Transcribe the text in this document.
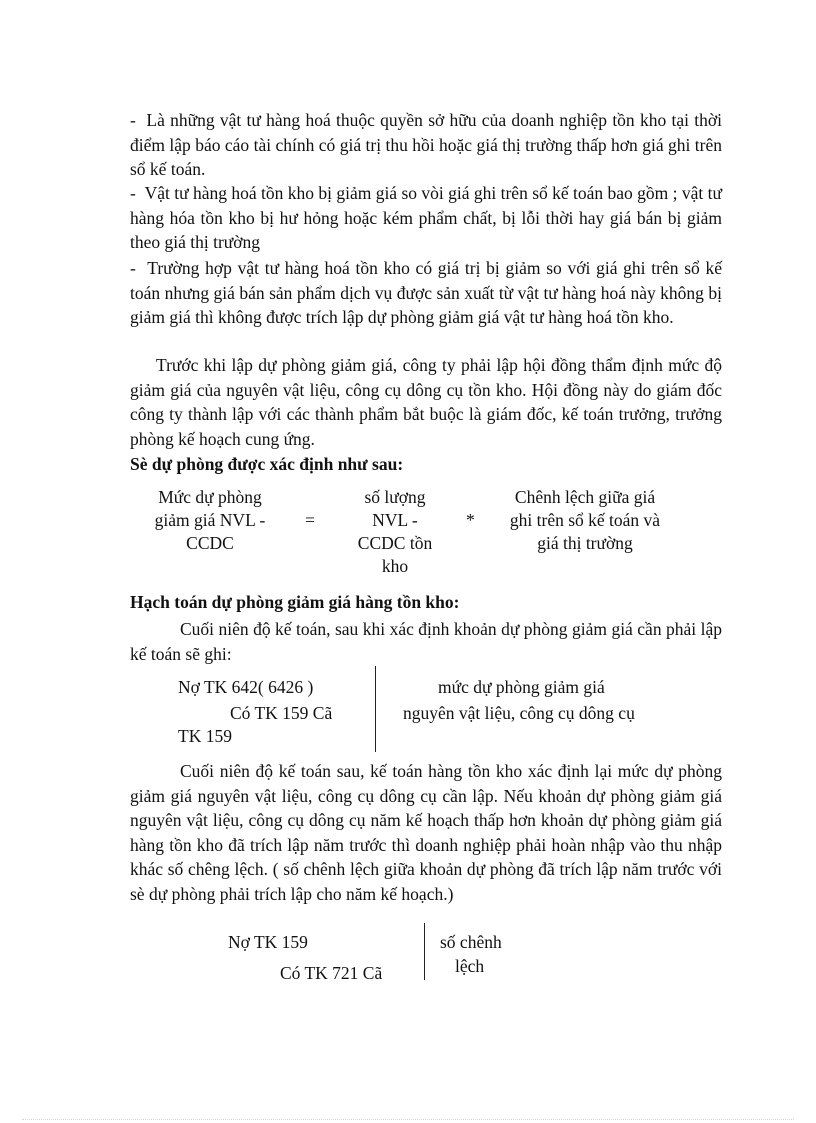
-  Là những vật tư hàng hoá thuộc quyền sở hữu của doanh nghiệp tồn kho tại thời điểm lập báo cáo tài chính có giá trị thu hồi hoặc giá thị trường thấp hơn giá ghi trên sổ kế toán.
-  Vật tư hàng hoá tồn kho bị giảm giá so vòi giá ghi trên sổ kế toán bao gồm ; vật tư hàng hóa tồn kho bị hư hỏng hoặc kém phẩm chất, bị lỗi thời hay giá bán bị giảm theo giá thị trường
-  Trường hợp vật tư hàng hoá tồn kho có giá trị bị giảm so với giá ghi trên sổ kế toán nhưng giá bán sản phẩm dịch vụ được sản xuất từ vật tư hàng hoá này không bị giảm giá thì không được trích lập dự phòng giảm giá vật tư hàng hoá tồn kho.
Trước khi lập dự phòng giảm giá, công ty phải lập hội đồng thẩm định mức độ giảm giá của nguyên vật liệu, công cụ dông cụ tồn kho. Hội đồng này do giám đốc công ty thành lập với các thành phẩm bắt buộc là giám đốc, kế toán trưởng, trưởng phòng kế hoạch cung ứng.
Sè dự phòng được xác định như sau:
Mức dự phòng
giảm giá NVL -
CCDC
=
số lượng
NVL -
CCDC tồn
kho
*
Chênh lệch giữa giá
ghi trên sổ kế toán và
giá thị trường
Hạch toán dự phòng giảm giá hàng tồn kho:
Cuối niên độ kế toán, sau khi xác định khoản dự phòng giảm giá cần phải lập kế toán sẽ ghi:
Nợ TK 642( 6426 )
Có TK 159 Cã
TK 159
mức dự phòng giảm giá
nguyên vật liệu, công cụ dông cụ
Cuối niên độ kế toán sau, kế toán hàng tồn kho xác định lại mức dự phòng giảm giá nguyên vật liệu, công cụ dông cụ cần lập. Nếu khoản dự phòng giảm giá nguyên vật liệu, công cụ dông cụ năm kế hoạch thấp hơn khoản dự phòng giảm giá hàng tồn kho đã trích lập năm trước thì doanh nghiệp phải hoàn nhập vào thu nhập khác số chêng lệch. ( số chênh lệch giữa khoản dự phòng đã trích lập năm trước với sè dự phòng phải trích lập cho năm kế hoạch.)
Nợ TK 159
Có TK 721 Cã
số chênh
lệch
